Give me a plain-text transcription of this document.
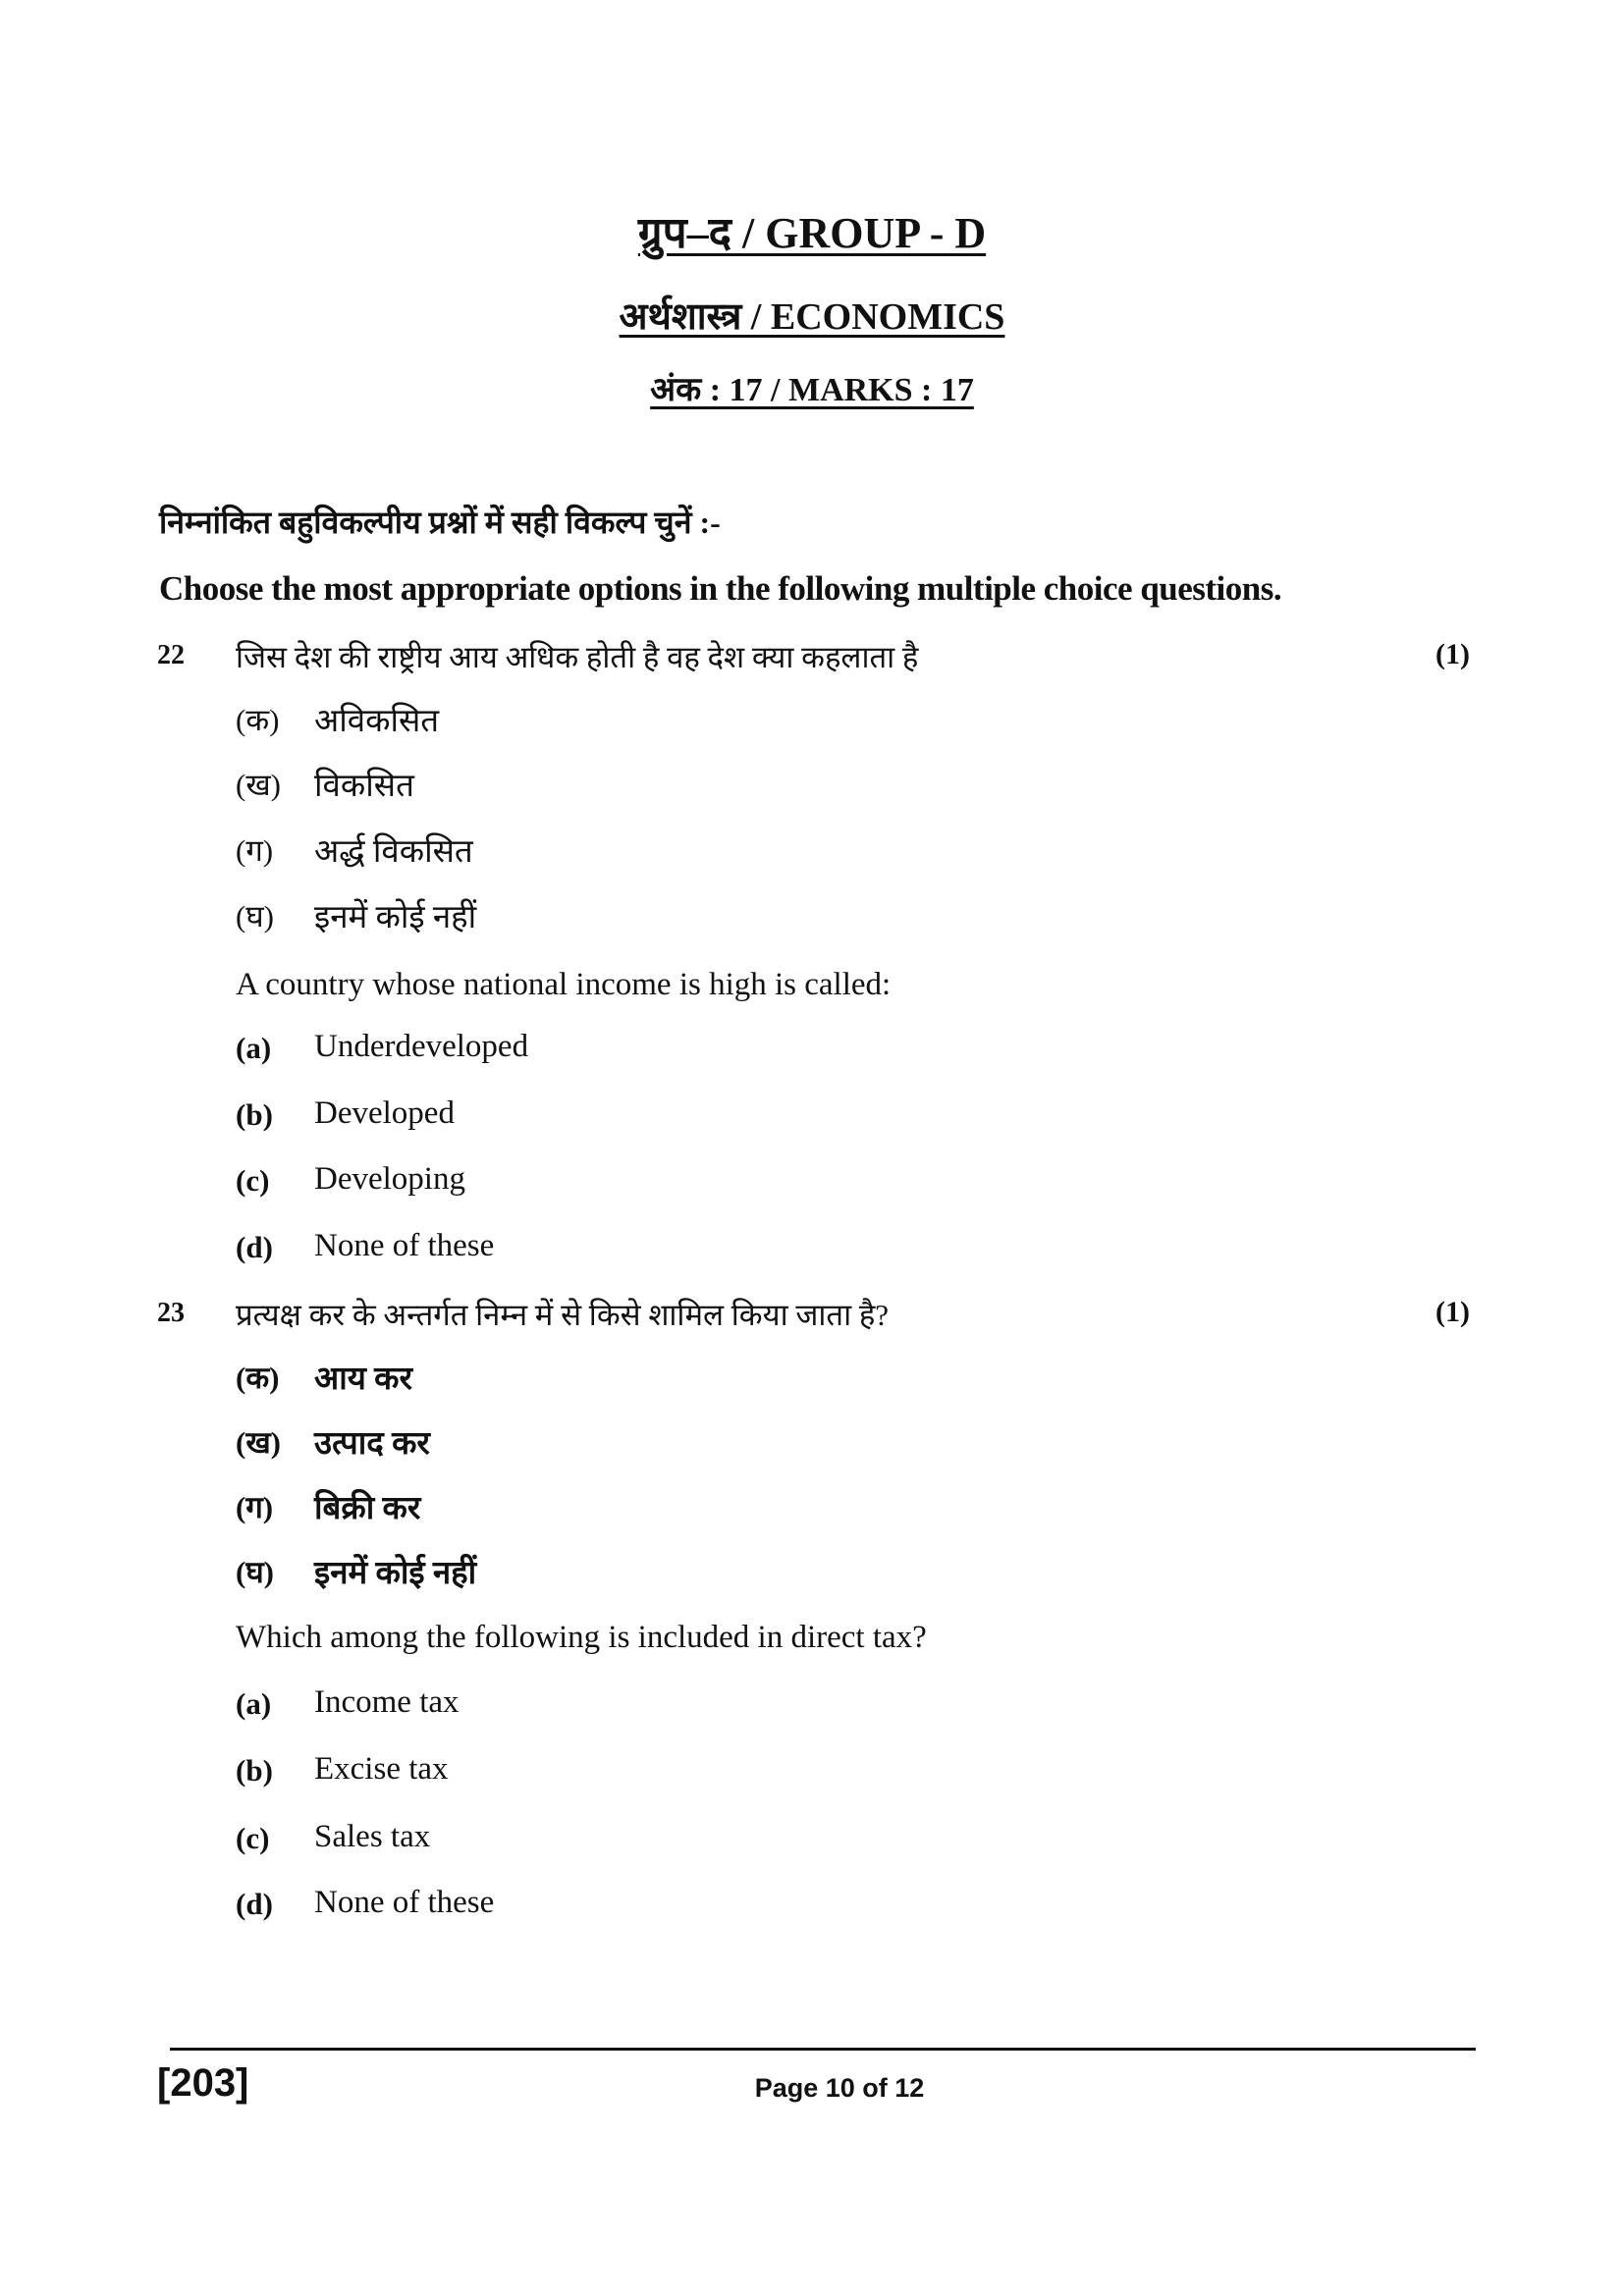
ग्रुप–द / GROUP - D
अर्थशास्त्र / ECONOMICS
अंक : 17 / MARKS : 17
निम्नांकित बहुविकल्पीय प्रश्नों में सही विकल्प चुनें :-
Choose the most appropriate options in the following multiple choice questions.
22 जिस देश की राष्ट्रीय आय अधिक होती है वह देश क्या कहलाता है	(1)
(क) अविकसित
(ख) विकसित
(ग) अर्द्ध विकसित
(घ) इनमें कोई नहीं
A country whose national income is high is called:
(a) Underdeveloped
(b) Developed
(c) Developing
(d) None of these
23 प्रत्यक्ष कर के अन्तर्गत निम्न में से किसे शामिल किया जाता है?	(1)
(क) आय कर
(ख) उत्पाद कर
(ग) बिक्री कर
(घ) इनमें कोई नहीं
Which among the following is included in direct tax?
(a) Income tax
(b) Excise tax
(c) Sales tax
(d) None of these
[203]	Page 10 of 12
